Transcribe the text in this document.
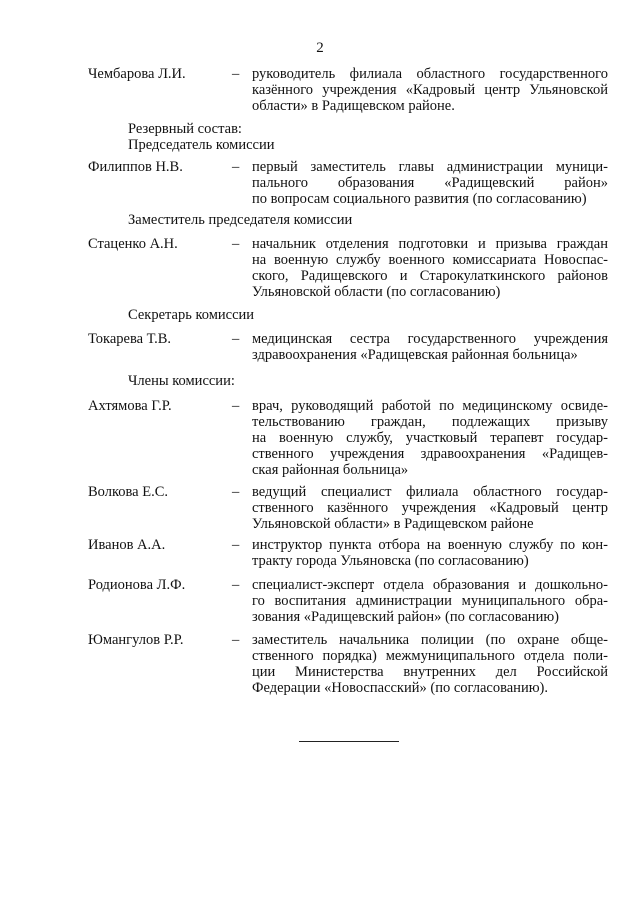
2
Чембарова Л.И.	– руководитель филиала областного государственного
казённого учреждения «Кадровый центр Ульяновской
области» в Радищевском районе.
Резервный состав:
Председатель комиссии
Филиппов Н.В.	– первый заместитель главы администрации муници-
пального образования «Радищевский район»
по вопросам социального развития (по согласованию)
Заместитель председателя комиссии
Стаценко А.Н.	– начальник отделения подготовки и призыва граждан
на военную службу военного комиссариата Новоспас-
ского, Радищевского и Старокулаткинского районов
Ульяновской области (по согласованию)
Секретарь комиссии
Токарева Т.В.	– медицинская сестра государственного учреждения
здравоохранения «Радищевская районная больница»
Члены комиссии:
Ахтямова Г.Р.	– врач, руководящий работой по медицинскому освиде-
тельствованию граждан, подлежащих призыву
на военную службу, участковый терапевт государ-
ственного учреждения здравоохранения «Радищев-
ская районная больница»
Волкова Е.С.	– ведущий специалист филиала областного государ-
ственного казённого учреждения «Кадровый центр
Ульяновской области» в Радищевском районе
Иванов А.А.	– инструктор пункта отбора на военную службу по кон-
тракту города Ульяновска (по согласованию)
Родионова Л.Ф.	– специалист-эксперт отдела образования и дошкольно-
го воспитания администрации муниципального обра-
зования «Радищевский район» (по согласованию)
Юмангулов Р.Р.	– заместитель начальника полиции (по охране обще-
ственного порядка) межмуниципального отдела поли-
ции Министерства внутренних дел Российской
Федерации «Новоспасский» (по согласованию).
